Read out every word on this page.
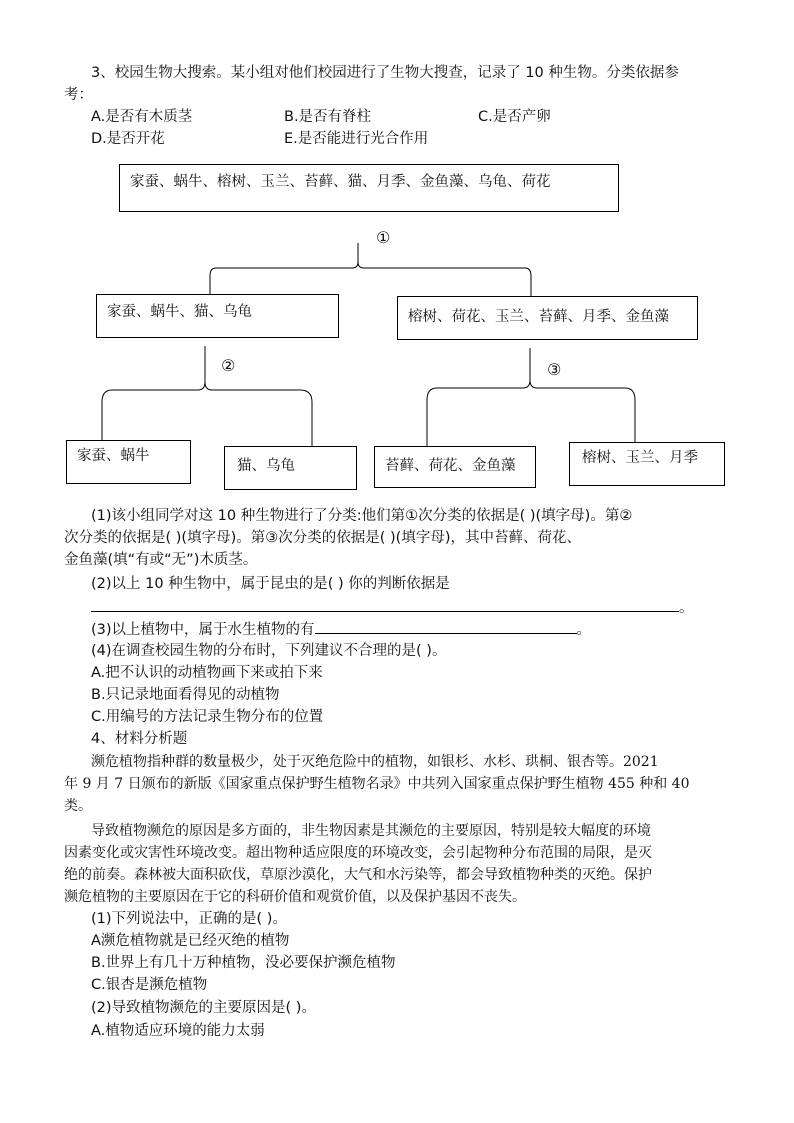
3、校园生物大搜索。某小组对他们校园进行了生物大搜查，记录了 10 种生物。分类依据参
考：
A.是否有木质茎	B.是否有脊柱	C.是否产卵
D.是否开花	E.是否能进行光合作用
家蚕、蜗牛、榕树、玉兰、苔藓、猫、月季、金鱼藻、乌龟、荷花
①
家蚕、蜗牛、猫、乌龟	榕树、荷花、玉兰、苔藓、月季、金鱼藻
②	③
家蚕、蜗牛
猫、乌龟	苔藓、荷花、金鱼藻	榕树、玉兰、月季
(1)该小组同学对这 10 种生物进行了分类:他们第①次分类的依据是( )(填字母)。第②
次分类的依据是( )(填字母)。第③次分类的依据是( )(填字母)，其中苔藓、荷花、
金鱼藻(填“有或“无”)木质茎。
(2)以上 10 种生物中，属于昆虫的是( ) 你的判断依据是
。
(3)以上植物中，属于水生植物的有	。
(4)在调查校园生物的分布时，下列建议不合理的是( )。
A.把不认识的动植物画下来或拍下来
B.只记录地面看得见的动植物
C.用编号的方法记录生物分布的位置
4、材料分析题
濒危植物指种群的数量极少，处于灭绝危险中的植物，如银杉、水杉、珙桐、银杏等。2021
年 9 月 7 日颁布的新版《国家重点保护野生植物名录》中共列入国家重点保护野生植物 455 种和 40
类。
导致植物濒危的原因是多方面的，非生物因素是其濒危的主要原因，特别是较大幅度的环境
因素变化或灾害性环境改变。超出物种适应限度的环境改变，会引起物种分布范围的局限，是灭
绝的前奏。森林被大面积砍伐，草原沙漠化，大气和水污染等，都会导致植物种类的灭绝。保护
濒危植物的主要原因在于它的科研价值和观赏价值，以及保护基因不丧失。
(1)下列说法中，正确的是( )。
A濒危植物就是已经灭绝的植物
B.世界上有几十万种植物，没必要保护濒危植物
C.银杏是濒危植物
(2)导致植物濒危的主要原因是( )。
A.植物适应环境的能力太弱
